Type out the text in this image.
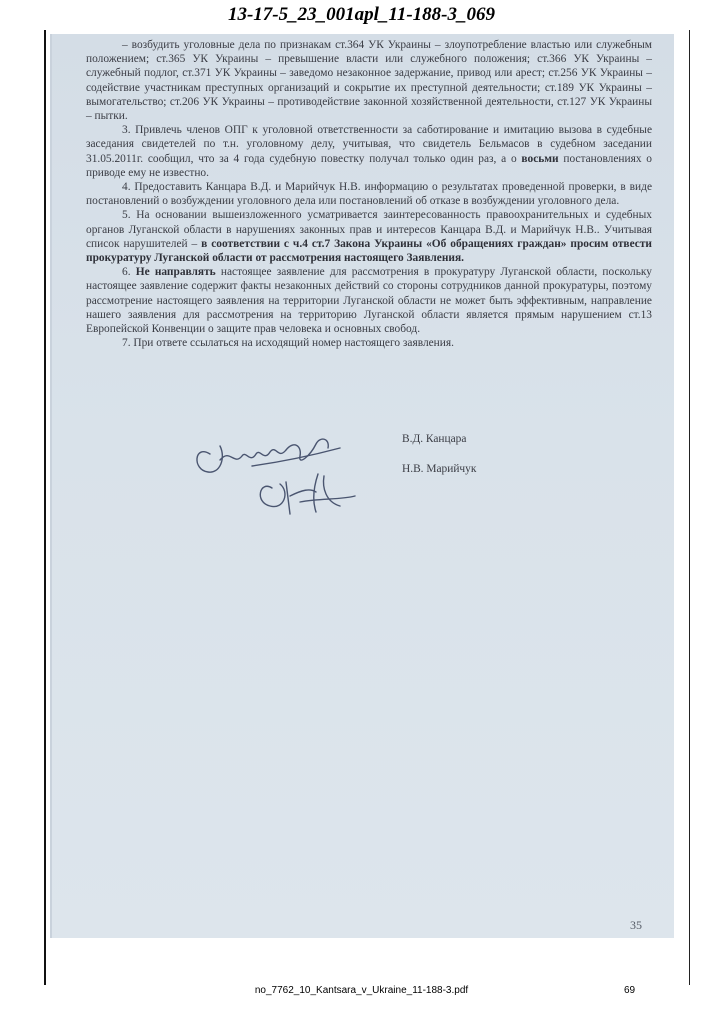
13-17-5_23_001apl_11-188-3_069

– возбудить уголовные дела по признакам ст.364 УК Украины – злоупотребление властью или служебным положением; ст.365 УК Украины – превышение власти или служебного положения; ст.366 УК Украины – служебный подлог, ст.371 УК Украины – заведомо незаконное задержание, привод или арест; ст.256 УК Украины – содействие участникам преступных организаций и сокрытие их преступной деятельности; ст.189 УК Украины – вымогательство; ст.206 УК Украины – противодействие законной хозяйственной деятельности, ст.127 УК Украины – пытки.

3. Привлечь членов ОПГ к уголовной ответственности за саботирование и имитацию вызова в судебные заседания свидетелей по т.н. уголовному делу, учитывая, что свидетель Бельмасов в судебном заседании 31.05.2011г. сообщил, что за 4 года судебную повестку получал только один раз, а о восьми постановлениях о приводе ему не известно.

4. Предоставить Канцара В.Д. и Марийчук Н.В. информацию о результатах проведенной проверки, в виде постановлений о возбуждении уголовного дела или постановлений об отказе в возбуждении уголовного дела.

5. На основании вышеизложенного усматривается заинтересованность правоохранительных и судебных органов Луганской области в нарушениях законных прав и интересов Канцара В.Д. и Марийчук Н.В.. Учитывая список нарушителей – в соответствии с ч.4 ст.7 Закона Украины «Об обращениях граждан» просим отвести прокуратуру Луганской области от рассмотрения настоящего Заявления.

6. Не направлять настоящее заявление для рассмотрения в прокуратуру Луганской области, поскольку настоящее заявление содержит факты незаконных действий со стороны сотрудников данной прокуратуры, поэтому рассмотрение настоящего заявления на территории Луганской области не может быть эффективным, направление нашего заявления для рассмотрения на территорию Луганской области является прямым нарушением ст.13 Европейской Конвенции о защите прав человека и основных свобод.

7. При ответе ссылаться на исходящий номер настоящего заявления.

В.Д. Канцара
Н.В. Марийчук
35
no_7762_10_Kantsara_v_Ukraine_11-188-3.pdf	69
